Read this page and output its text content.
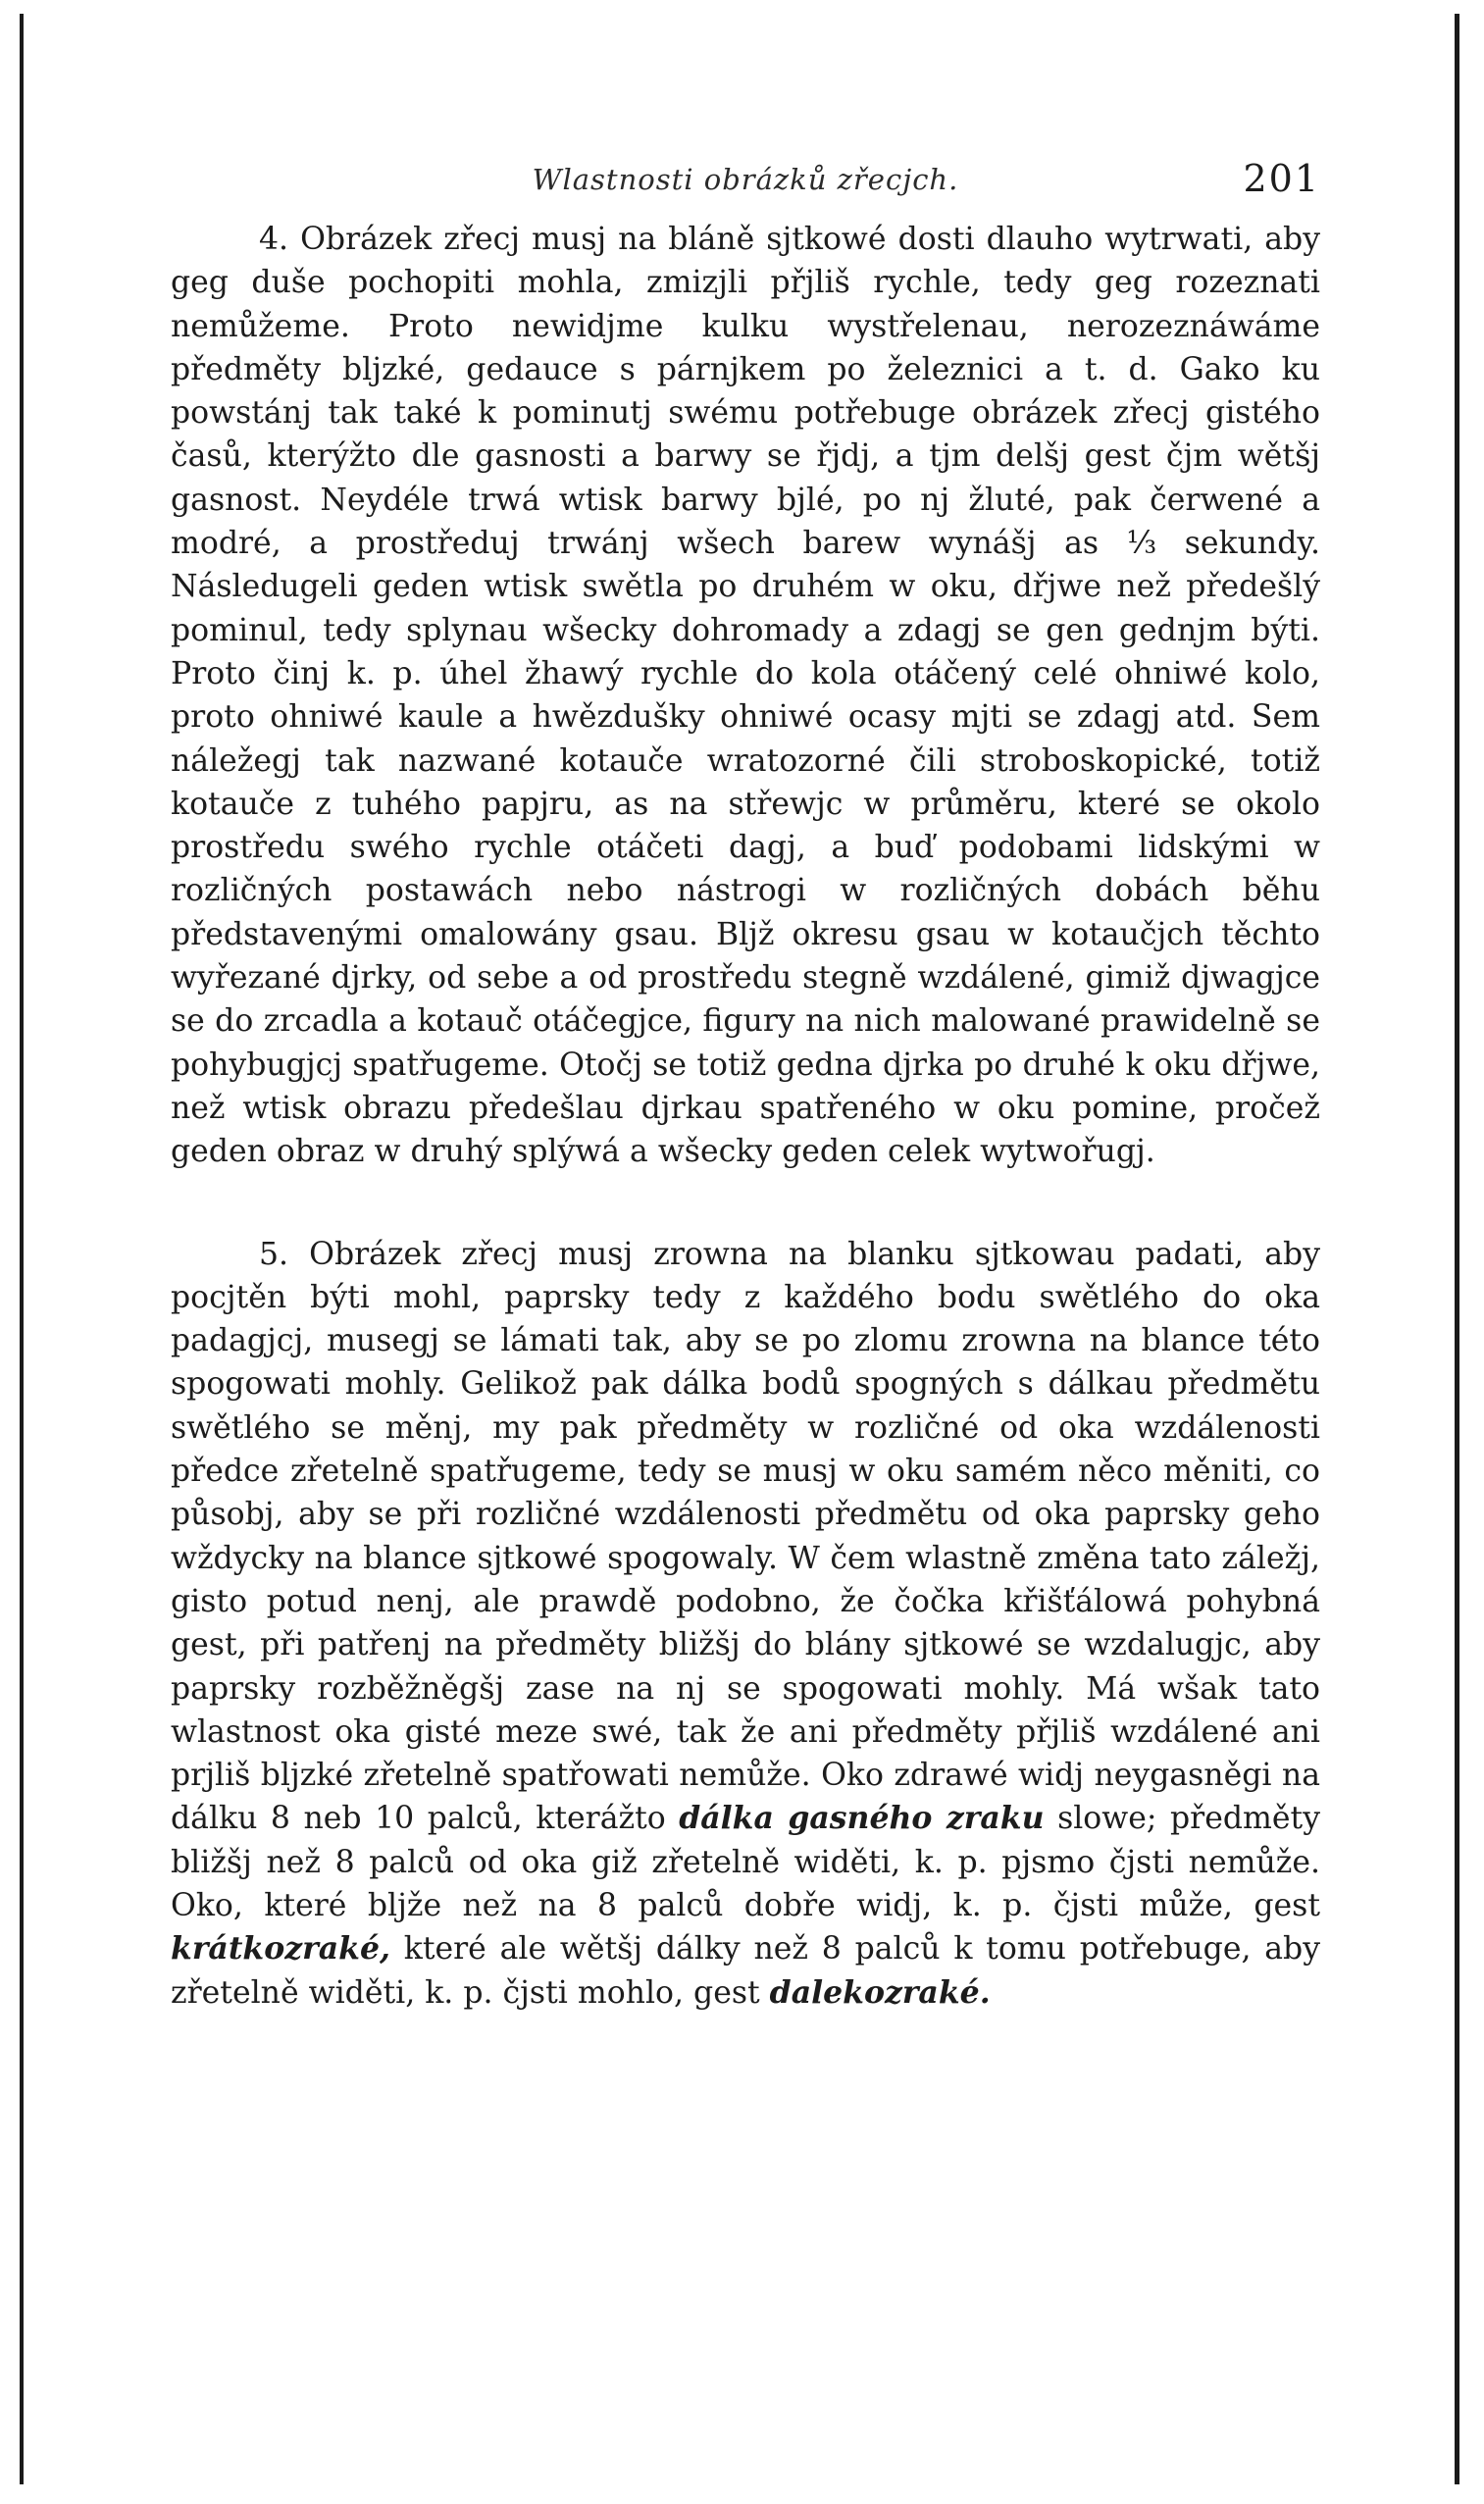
Wlastnosti obrázků zřecjch.	201

4. Obrázek zřecj musj na bláně sjtkowé dosti dlauho wytrwati, aby geg duše pochopiti mohla, zmizjli přjliš rychle, tedy geg rozeznati nemůžeme. Proto newidjme kulku wystřelenau, nerozeznáwáme předměty bljzké, gedauce s párnjkem po železnici a t. d. Gako ku powstánj tak také k pominutj swému potřebuge obrázek zřecj gistého časů, kterýžto dle gasnosti a barwy se řjdj, a tjm delšj gest čjm wětšj gasnost. Neydéle trwá wtisk barwy bjlé, po nj žluté, pak čerwené a modré, a prostředuj trwánj wšech barew wynášj as ⅓ sekundy. Následugeli geden wtisk swětla po druhém w oku, dřjwe než předešlý pominul, tedy splynau wšecky dohromady a zdagj se gen gednjm býti. Proto činj k. p. úhel žhawý rychle do kola otáčený celé ohniwé kolo, proto ohniwé kaule a hwězdušky ohniwé ocasy mjti se zdagj atd. Sem náležegj tak nazwané kotauče wratozorné čili stroboskopické, totiž kotauče z tuhého papjru, as na střewjc w průměru, které se okolo prostředu swého rychle otáčeti dagj, a buď podobami lidskými w rozličných postawách nebo nástrogi w rozličných dobách běhu představenými omalowány gsau. Bljž okresu gsau w kotaučjch těchto wyřezané djrky, od sebe a od prostředu stegně wzdálené, gimiž djwagjce se do zrcadla a kotauč otáčegjce, figury na nich malowané prawidelně se pohybugjcj spatřugeme. Otočj se totiž gedna djrka po druhé k oku dřjwe, než wtisk obrazu předešlau djrkau spatřeného w oku pomine, pročež geden obraz w druhý splýwá a wšecky geden celek wytwořugj.

5. Obrázek zřecj musj zrowna na blanku sjtkowau padati, aby pocjtěn býti mohl, paprsky tedy z každého bodu swětlého do oka padagjcj, musegj se lámati tak, aby se po zlomu zrowna na blance této spogowati mohly. Gelikož pak dálka bodů spogných s dálkau předmětu swětlého se měnj, my pak předměty w rozličné od oka wzdálenosti předce zřetelně spatřugeme, tedy se musj w oku samém něco měniti, co působj, aby se při rozličné wzdálenosti předmětu od oka paprsky geho wždycky na blance sjtkowé spogowaly. W čem wlastně změna tato záležj, gisto potud nenj, ale prawdě podobno, že čočka křišťálowá pohybná gest, při patřenj na předměty bližšj do blány sjtkowé se wzdalugjc, aby paprsky rozběžněgšj zase na nj se spogowati mohly. Má wšak tato wlastnost oka gisté meze swé, tak že ani předměty přjliš wzdálené ani prjliš bljzké zřetelně spatřowati nemůže. Oko zdrawé widj neygasněgi na dálku 8 neb 10 palců, kterážto dálka gasného zraku slowe; předměty bližšj než 8 palců od oka giž zřetelně widěti, k. p. pjsmo čjsti nemůže. Oko, které bljže než na 8 palců dobře widj, k. p. čjsti může, gest krátkozraké, které ale wětšj dálky než 8 palců k tomu potřebuge, aby zřetelně widěti, k. p. čjsti mohlo, gest dalekozraké.
